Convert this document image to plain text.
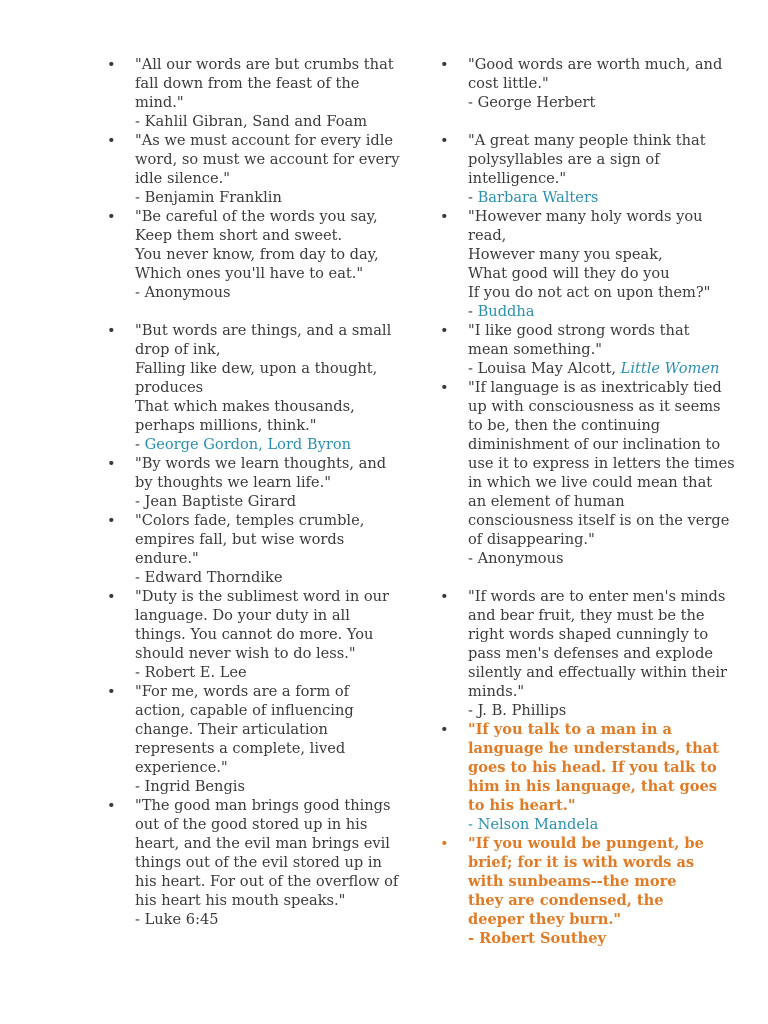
• "All our words are but crumbs that
fall down from the feast of the
mind."
- Kahlil Gibran, Sand and Foam
• "As we must account for every idle
word, so must we account for every
idle silence."
- Benjamin Franklin
• "Be careful of the words you say,
Keep them short and sweet.
You never know, from day to day,
Which ones you'll have to eat."
- Anonymous
• "But words are things, and a small
drop of ink,
Falling like dew, upon a thought,
produces
That which makes thousands,
perhaps millions, think."
- George Gordon, Lord Byron
• "By words we learn thoughts, and
by thoughts we learn life."
- Jean Baptiste Girard
• "Colors fade, temples crumble,
empires fall, but wise words
endure."
- Edward Thorndike
• "Duty is the sublimest word in our
language. Do your duty in all
things. You cannot do more. You
should never wish to do less."
- Robert E. Lee
• "For me, words are a form of
action, capable of influencing
change. Their articulation
represents a complete, lived
experience."
- Ingrid Bengis
• "The good man brings good things
out of the good stored up in his
heart, and the evil man brings evil
things out of the evil stored up in
his heart. For out of the overflow of
his heart his mouth speaks."
- Luke 6:45
• "Good words are worth much, and
cost little."
- George Herbert
• "A great many people think that
polysyllables are a sign of
intelligence."
- Barbara Walters
• "However many holy words you
read,
However many you speak,
What good will they do you
If you do not act on upon them?"
- Buddha
• "I like good strong words that
mean something."
- Louisa May Alcott, Little Women
• "If language is as inextricably tied
up with consciousness as it seems
to be, then the continuing
diminishment of our inclination to
use it to express in letters the times
in which we live could mean that
an element of human
consciousness itself is on the verge
of disappearing."
- Anonymous
• "If words are to enter men's minds
and bear fruit, they must be the
right words shaped cunningly to
pass men's defenses and explode
silently and effectually within their
minds."
- J. B. Phillips
• "If you talk to a man in a
language he understands, that
goes to his head. If you talk to
him in his language, that goes
to his heart."
- Nelson Mandela
• "If you would be pungent, be
brief; for it is with words as
with sunbeams--the more
they are condensed, the
deeper they burn."
- Robert Southey
